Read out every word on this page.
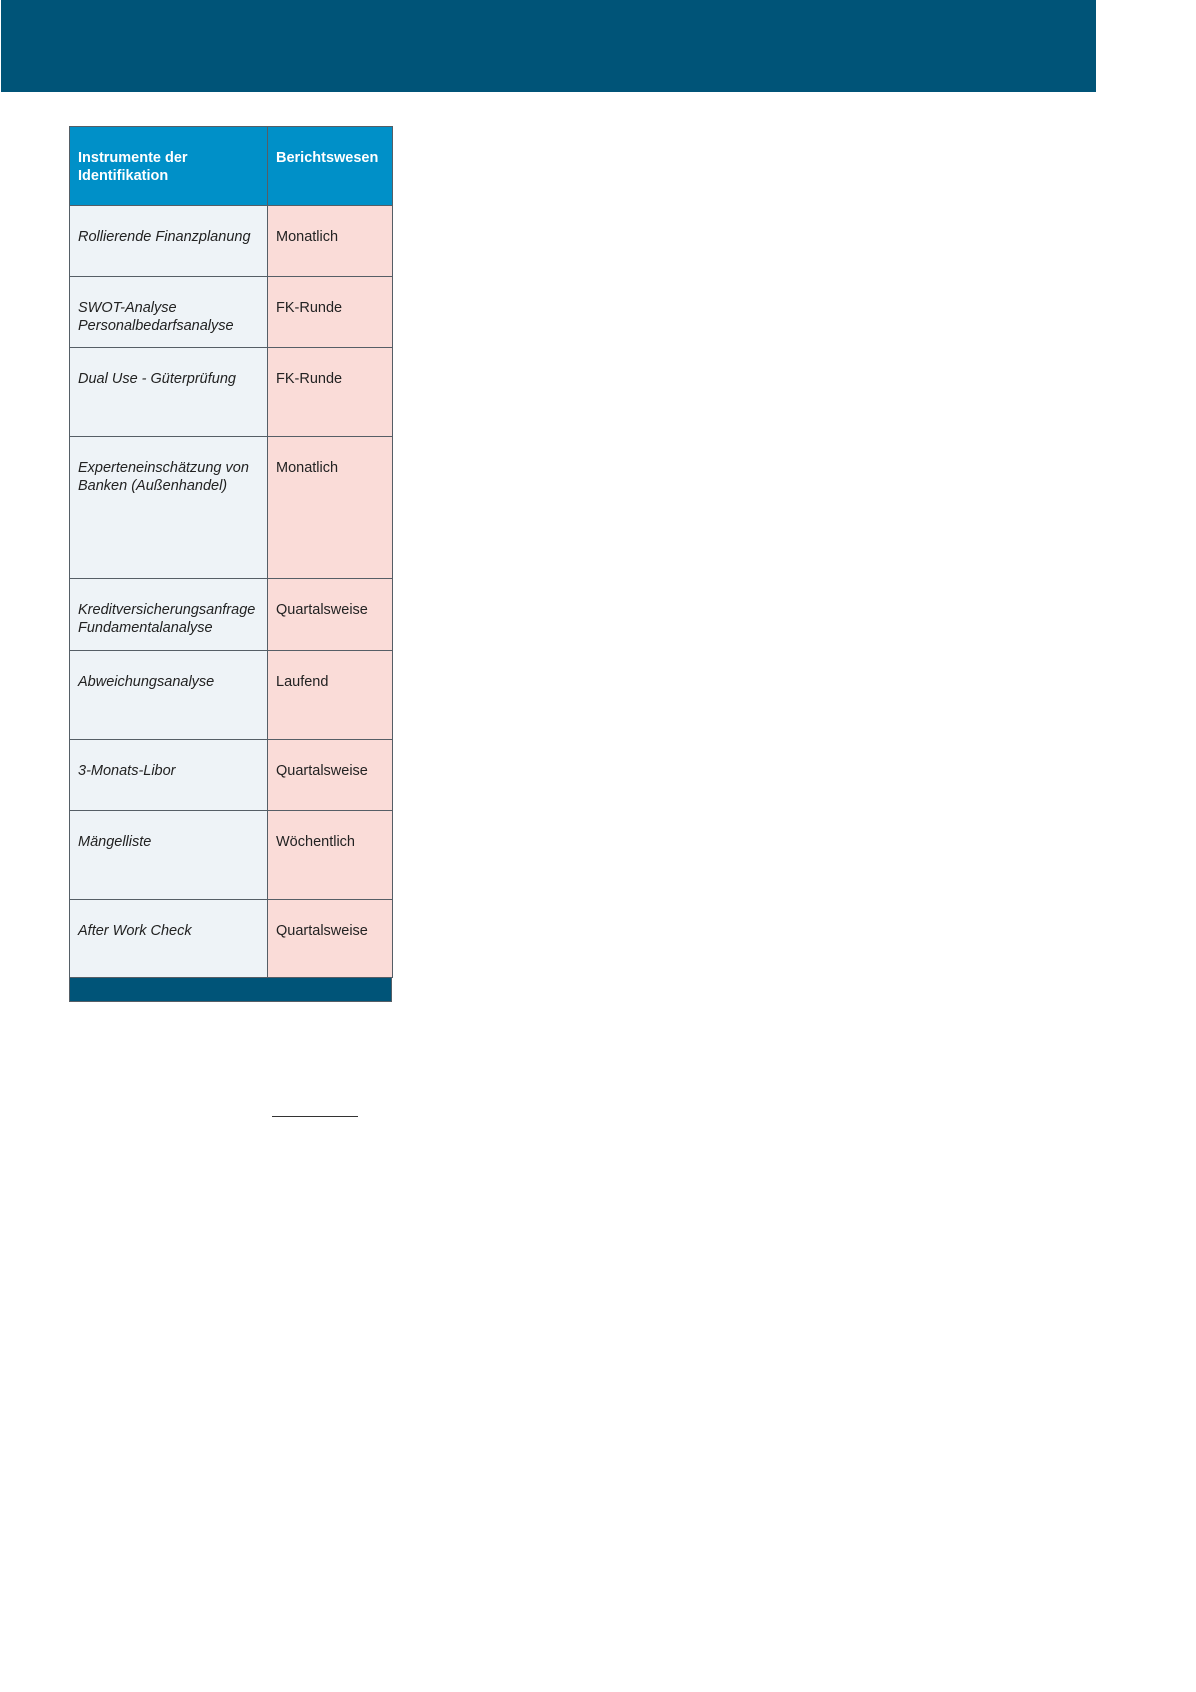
Instrumente der Identifikation	Berichtswesen
Rollierende Finanzplanung	Monatlich
SWOT-Analyse Personalbedarfsanalyse	FK-Runde
Dual Use - Güterprüfung	FK-Runde
Experteneinschätzung von Banken (Außenhandel)	Monatlich
Kreditversicherungsanfrage Fundamentalanalyse	Quartalsweise
Abweichungsanalyse	Laufend
3-Monats-Libor	Quartalsweise
Mängelliste	Wöchentlich
After Work Check	Quartalsweise
